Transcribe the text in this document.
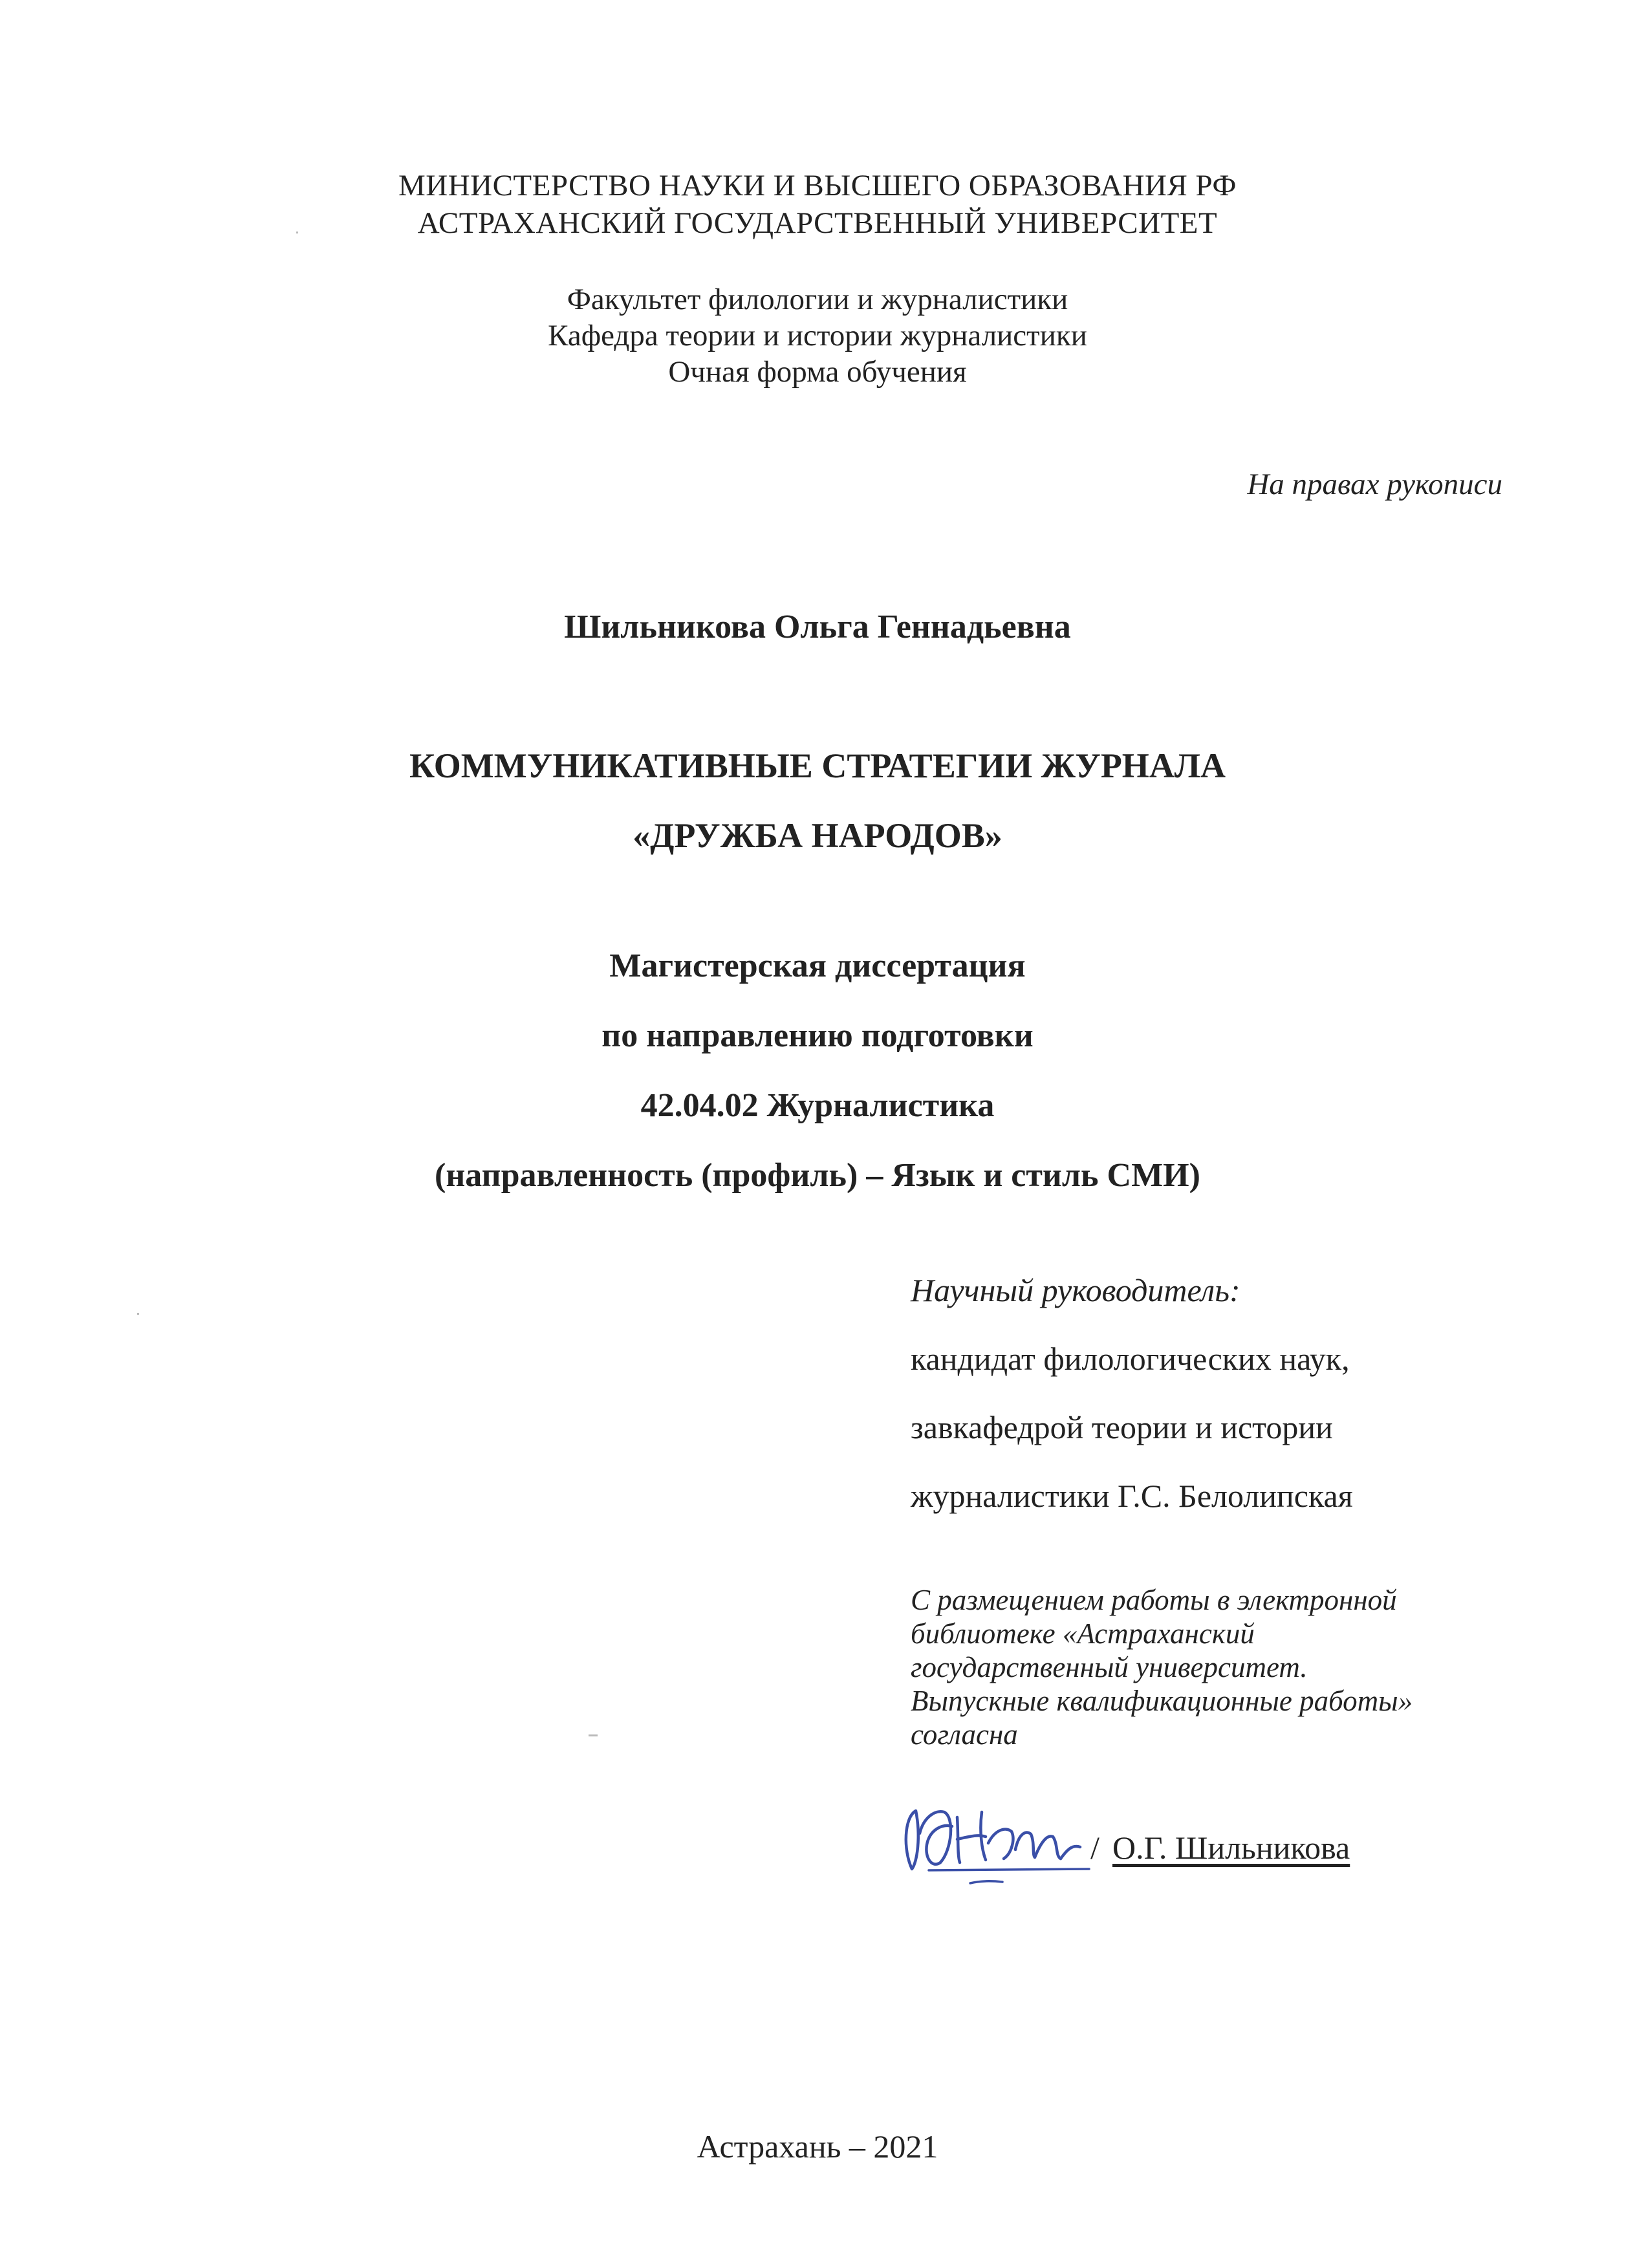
МИНИСТЕРСТВО НАУКИ И ВЫСШЕГО ОБРАЗОВАНИЯ РФ
АСТРАХАНСКИЙ ГОСУДАРСТВЕННЫЙ УНИВЕРСИТЕТ
Факультет филологии и журналистики
Кафедра теории и истории журналистики
Очная форма обучения
На правах рукописи
Шильникова Ольга Геннадьевна
КОММУНИКАТИВНЫЕ СТРАТЕГИИ ЖУРНАЛА
«ДРУЖБА НАРОДОВ»
Магистерская диссертация
по направлению подготовки
42.04.02 Журналистика
(направленность (профиль) – Язык и стиль СМИ)
Научный руководитель:
кандидат филологических наук,
завкафедрой теории и истории
журналистики Г.С. Белолипская
С размещением работы в электронной
библиотеке «Астраханский
государственный университет.
Выпускные квалификационные работы»
согласна
/ О.Г. Шильникова
Астрахань – 2021
